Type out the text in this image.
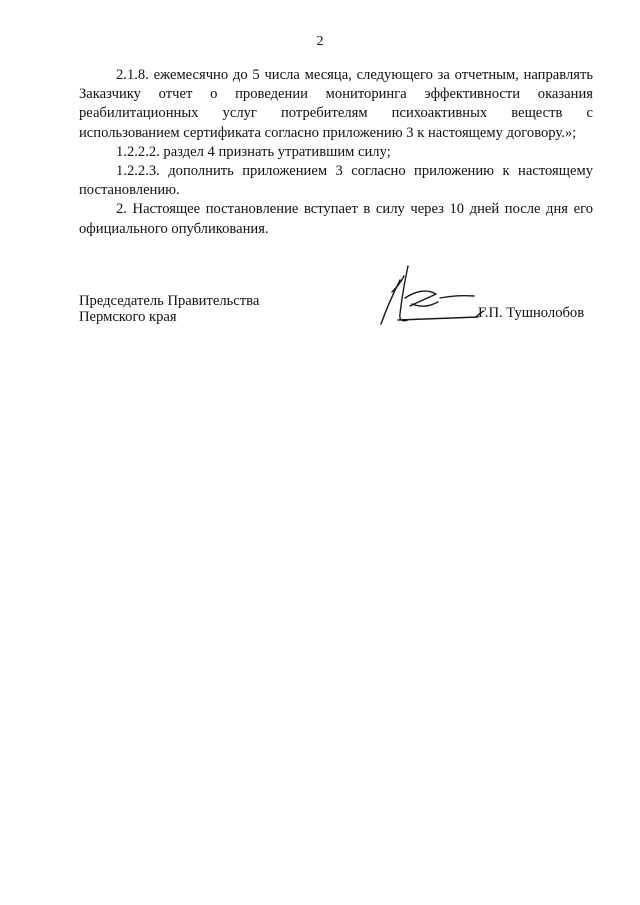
2

2.1.8. ежемесячно до 5 числа месяца, следующего за отчетным, направлять Заказчику отчет о проведении мониторинга эффективности оказания реабилитационных услуг потребителям психоактивных веществ с использованием сертификата согласно приложению 3 к настоящему договору.»;

1.2.2.2. раздел 4 признать утратившим силу;

1.2.2.3. дополнить приложением 3 согласно приложению к настоящему постановлению.

2. Настоящее постановление вступает в силу через 10 дней после дня его официального опубликования.

Председатель Правительства
Пермского края	Г.П. Тушнолобов
